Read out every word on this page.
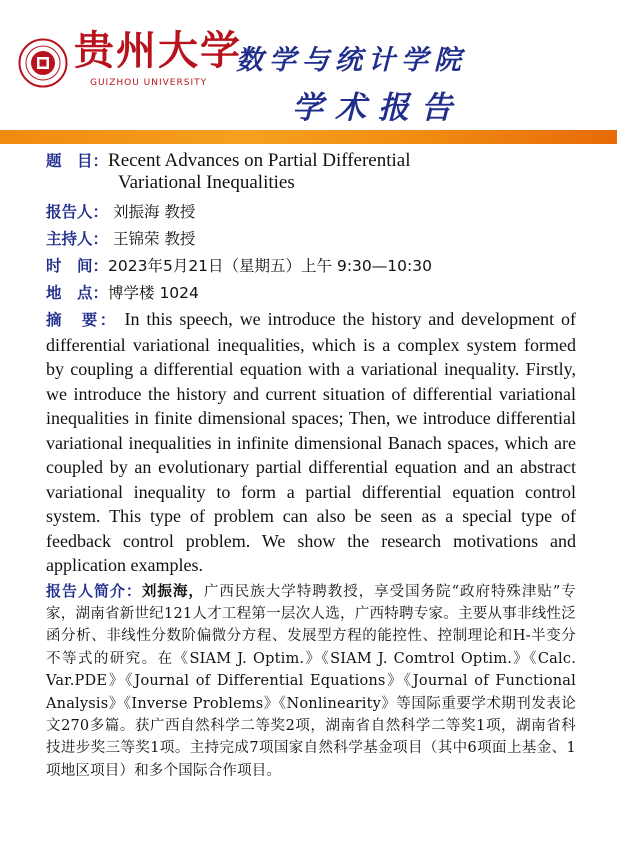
贵州大学
GUIZHOU UNIVERSITY
数学与统计学院
学术报告
题　目：Recent Advances on Partial Differential
Variational Inequalities
报告人： 刘振海 教授
主持人： 王锦荣 教授
时　间：2023年5月21日（星期五）上午 9:30—10:30
地　点：博学楼 1024
摘　要： In this speech, we introduce the history and development of differential variational inequalities, which is a complex system formed by coupling a differential equation with a variational inequality. Firstly, we introduce the history and current situation of differential variational inequalities in finite dimensional spaces; Then, we introduce differential variational inequalities in infinite dimensional Banach spaces, which are coupled by an evolutionary partial differential equation and an abstract variational inequality to form a partial differential equation control system. This type of problem can also be seen as a special type of feedback control problem. We show the research motivations and application examples.
报告人简介：刘振海，广西民族大学特聘教授，享受国务院“政府特殊津贴”专家，湖南省新世纪121人才工程第一层次人选，广西特聘专家。主要从事非线性泛函分析、非线性分数阶偏微分方程、发展型方程的能控性、控制理论和H-半变分不等式的研究。在《SIAM J. Optim.》《SIAM J. Comtrol Optim.》《Calc. Var.PDE》《Journal of Differential Equations》《Journal of Functional Analysis》《Inverse Problems》《Nonlinearity》等国际重要学术期刊发表论文270多篇。获广西自然科学二等奖2项，湖南省自然科学二等奖1项，湖南省科技进步奖三等奖1项。主持完成7项国家自然科学基金项目（其中6项面上基金、1项地区项目）和多个国际合作项目。
